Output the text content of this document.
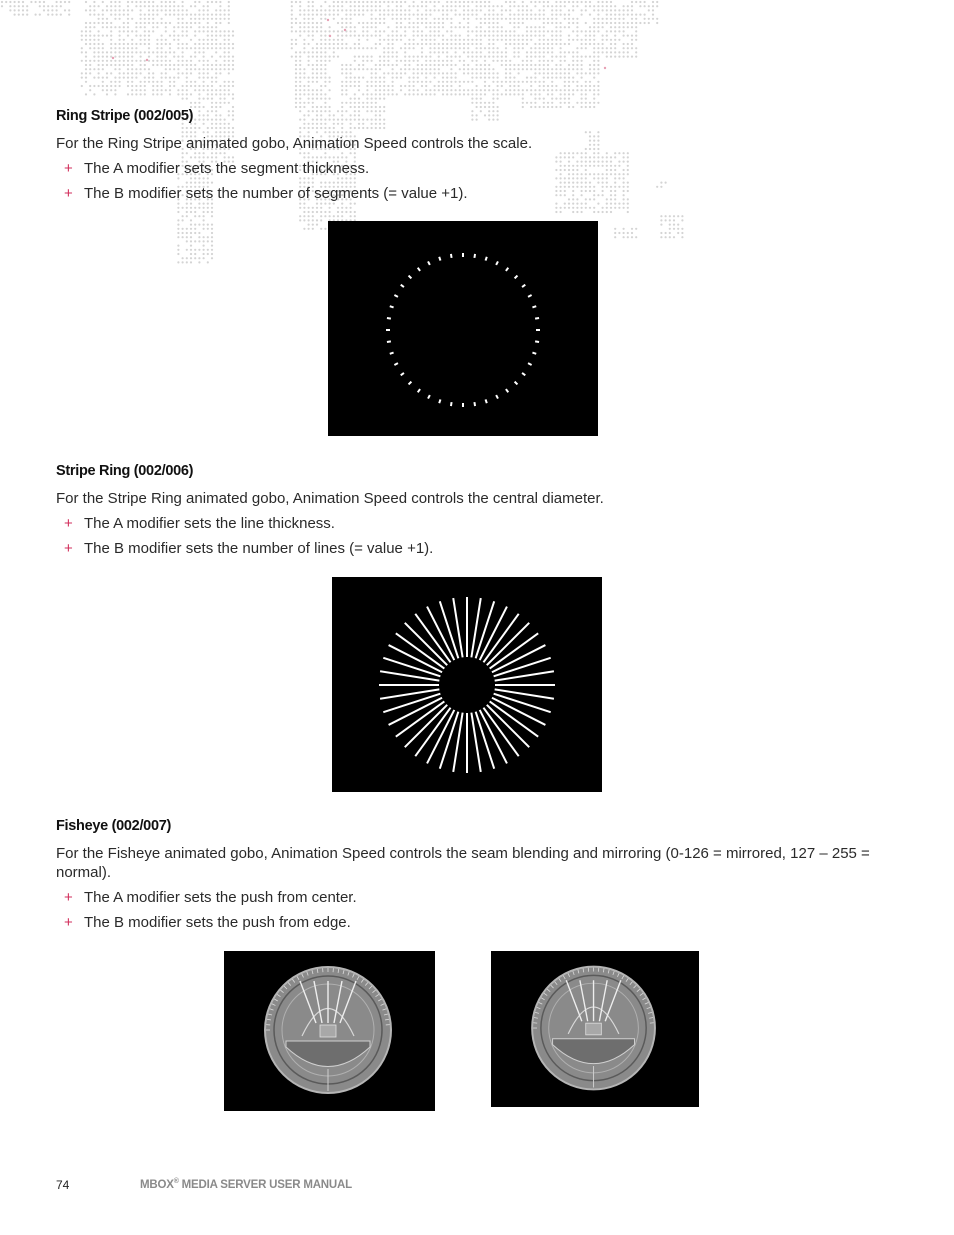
Ring Stripe (002/005)

For the Ring Stripe animated gobo, Animation Speed controls the scale.

+ The A modifier sets the segment thickness.
+ The B modifier sets the number of segments (= value +1).
Stripe Ring (002/006)

For the Stripe Ring animated gobo, Animation Speed controls the central diameter.

+ The A modifier sets the line thickness.
+ The B modifier sets the number of lines (= value +1).
Fisheye (002/007)

For the Fisheye animated gobo, Animation Speed controls the seam blending and mirroring (0-126 = mirrored, 127 – 255 = normal).

+ The A modifier sets the push from center.
+ The B modifier sets the push from edge.
74	MBOX® MEDIA SERVER USER MANUAL
